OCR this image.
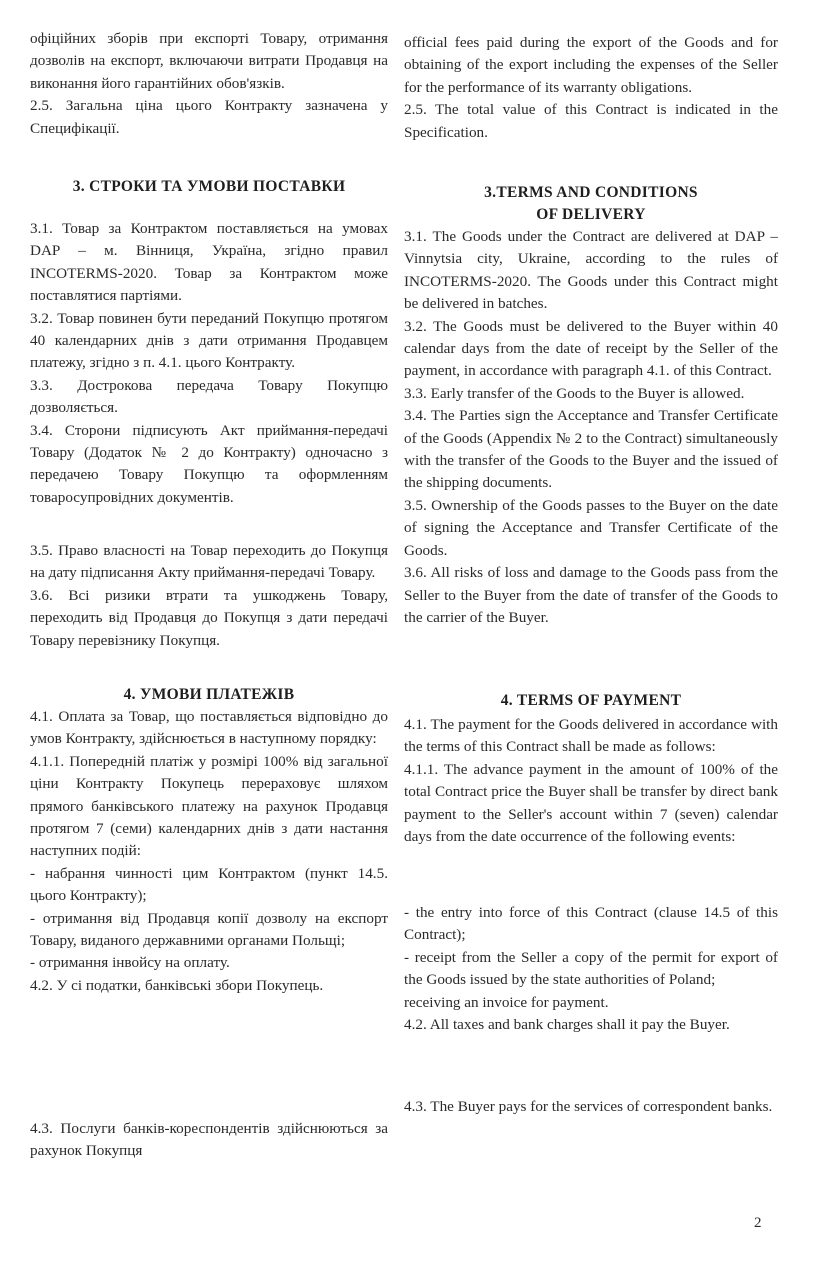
офіційних зборів при експорті Товару, отримання дозволів на експорт, включаючи витрати Продавця на виконання його гарантійних обов'язків.

2.5. Загальна ціна цього Контракту зазначена у Специфікації.

3. СТРОКИ ТА УМОВИ ПОСТАВКИ

3.1. Товар за Контрактом поставляється на умовах DAP – м. Вінниця, Україна, згідно правил INCOTERMS-2020. Товар за Контрактом може поставлятися партіями.

3.2. Товар повинен бути переданий Покупцю протягом 40 календарних днів з дати отримання Продавцем платежу, згідно з п. 4.1. цього Контракту.

3.3. Дострокова передача Товару Покупцю дозволяється.

3.4. Сторони підписують Акт приймання-передачі Товару (Додаток № 2 до Контракту) одночасно з передачею Товару Покупцю та оформленням товаросупровідних документів.

3.5. Право власності на Товар переходить до Покупця на дату підписання Акту приймання-передачі Товару.

3.6. Всі ризики втрати та ушкоджень Товару, переходить від Продавця до Покупця з дати передачі Товару перевізнику Покупця.

4. УМОВИ ПЛАТЕЖІВ

4.1. Оплата за Товар, що поставляється відповідно до умов Контракту, здійснюється в наступному порядку:

4.1.1. Попередній платіж у розмірі 100% від загальної ціни Контракту Покупець перераховує шляхом прямого банківського платежу на рахунок Продавця протягом 7 (семи) календарних днів з дати настання наступних подій:

- набрання чинності цим Контрактом (пункт 14.5. цього Контракту);

- отримання від Продавця копії дозволу на експорт Товару, виданого державними органами Польщі;

- отримання інвойсу на оплату.

4.2. У сі податки, банківські збори Покупець.

4.3. Послуги банків-кореспондентів здійснюються за рахунок Покупця

official fees paid during the export of the Goods and for obtaining of the export including the expenses of the Seller for the performance of its warranty obligations.

2.5. The total value of this Contract is indicated in the Specification.

3.TERMS AND CONDITIONS

OF DELIVERY

3.1. The Goods under the Contract are delivered at DAP – Vinnytsia city, Ukraine, according to the rules of INCOTERMS-2020. The Goods under this Contract might be delivered in batches.

3.2. The Goods must be delivered to the Buyer within 40 calendar days from the date of receipt by the Seller of the payment, in accordance with paragraph 4.1. of this Contract.

3.3. Early transfer of the Goods to the Buyer is allowed.

3.4. The Parties sign the Acceptance and Transfer Certificate of the Goods (Appendix № 2 to the Contract) simultaneously with the transfer of the Goods to the Buyer and the issued of the shipping documents.

3.5. Ownership of the Goods passes to the Buyer on the date of signing the Acceptance and Transfer Certificate of the Goods.

3.6. All risks of loss and damage to the Goods pass from the Seller to the Buyer from the date of transfer of the Goods to the carrier of the Buyer.

4. TERMS OF PAYMENT

4.1. The payment for the Goods delivered in accordance with the terms of this Contract shall be made as follows:

4.1.1. The advance payment in the amount of 100% of the total Contract price the Buyer shall be transfer by direct bank payment to the Seller's account within 7 (seven) calendar days from the date occurrence of the following events:

- the entry into force of this Contract (clause 14.5 of this Contract);

- receipt from the Seller a copy of the permit for export of the Goods issued by the state authorities of Poland;

receiving an invoice for payment.

4.2. All taxes and bank charges shall it pay the Buyer.

4.3. The Buyer pays for the services of correspondent banks.

2
